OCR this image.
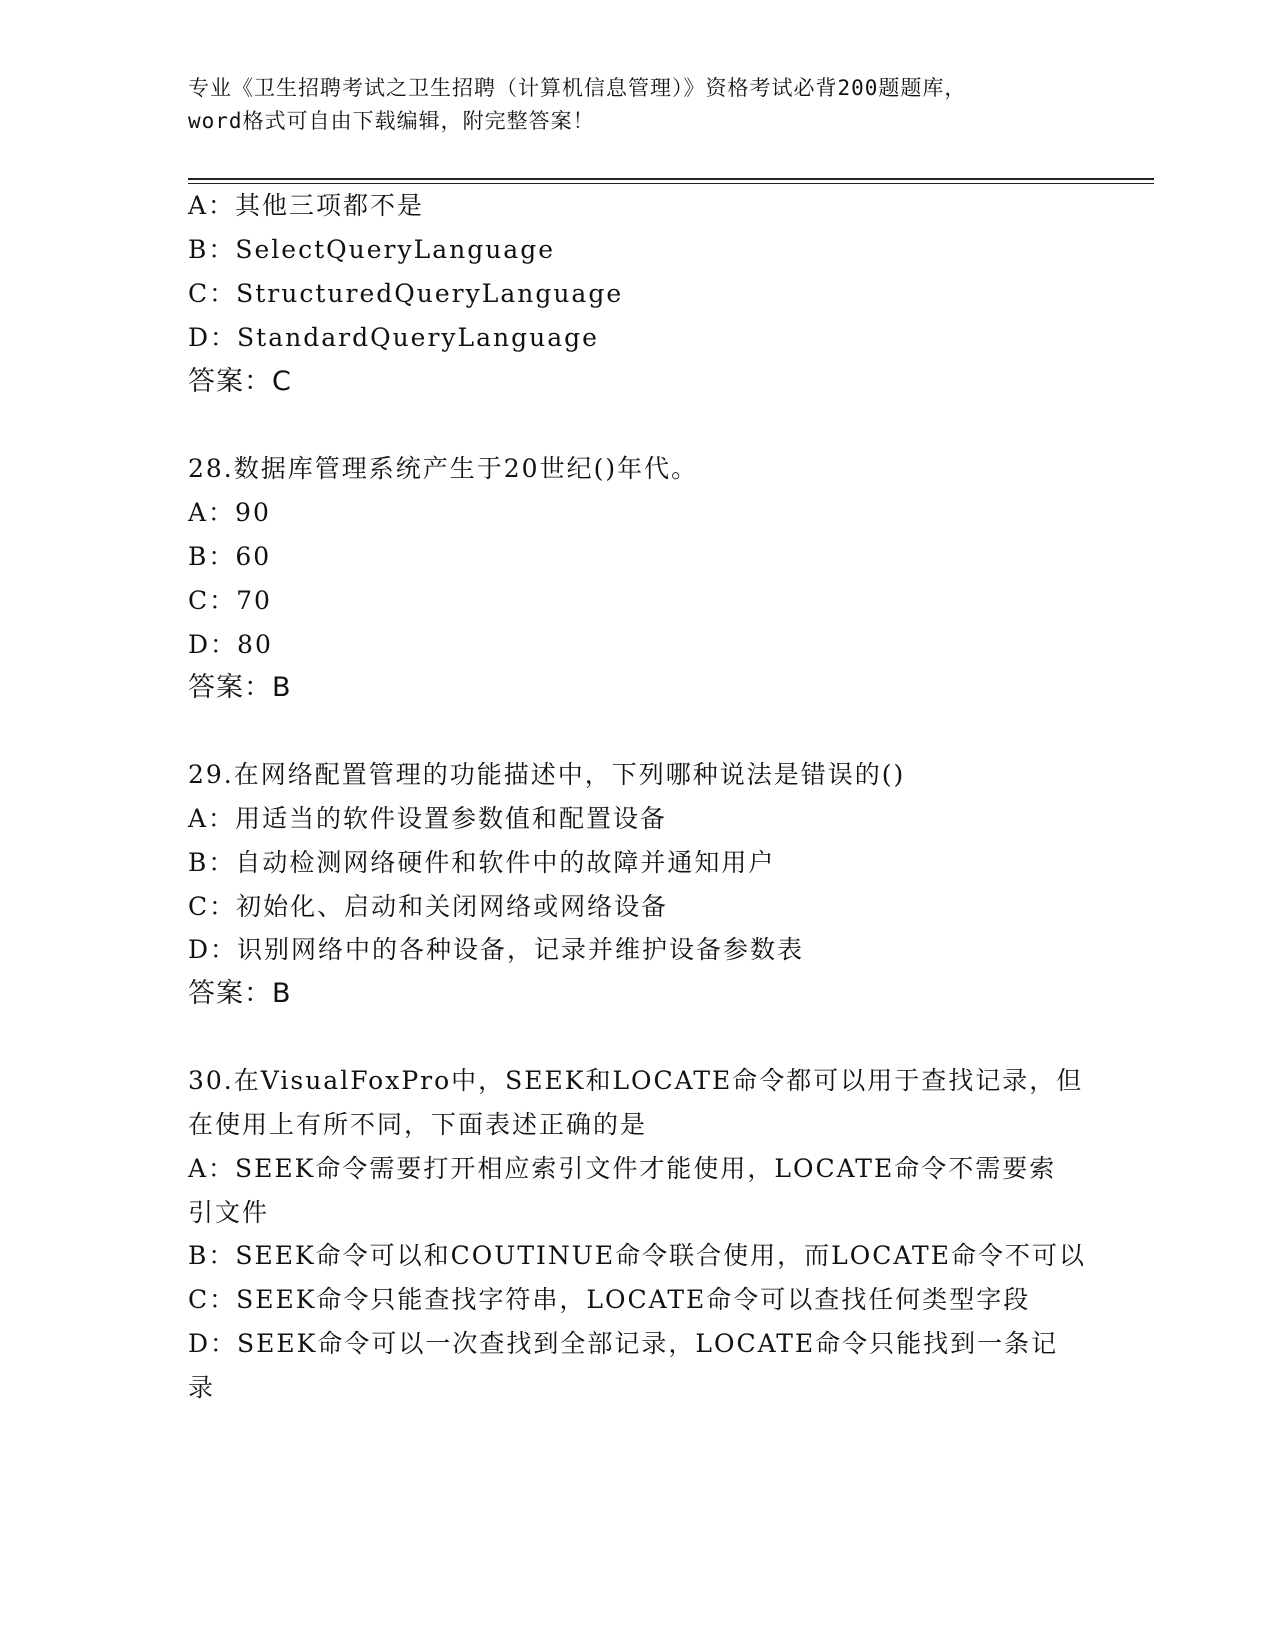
专业《卫生招聘考试之卫生招聘（计算机信息管理）》资格考试必背200题题库，
word格式可自由下载编辑，附完整答案！
A：其他三项都不是
B：SelectQueryLanguage
C：StructuredQueryLanguage
D：StandardQueryLanguage
答案：C
28.数据库管理系统产生于20世纪()年代。
A：90
B：60
C：70
D：80
答案：B
29.在网络配置管理的功能描述中，下列哪种说法是错误的()
A：用适当的软件设置参数值和配置设备
B：自动检测网络硬件和软件中的故障并通知用户
C：初始化、启动和关闭网络或网络设备
D：识别网络中的各种设备，记录并维护设备参数表
答案：B
30.在VisualFoxPro中，SEEK和LOCATE命令都可以用于查找记录，但
在使用上有所不同，下面表述正确的是
A：SEEK命令需要打开相应索引文件才能使用，LOCATE命令不需要索
引文件
B：SEEK命令可以和COUTINUE命令联合使用，而LOCATE命令不可以
C：SEEK命令只能查找字符串，LOCATE命令可以查找任何类型字段
D：SEEK命令可以一次查找到全部记录，LOCATE命令只能找到一条记
录
